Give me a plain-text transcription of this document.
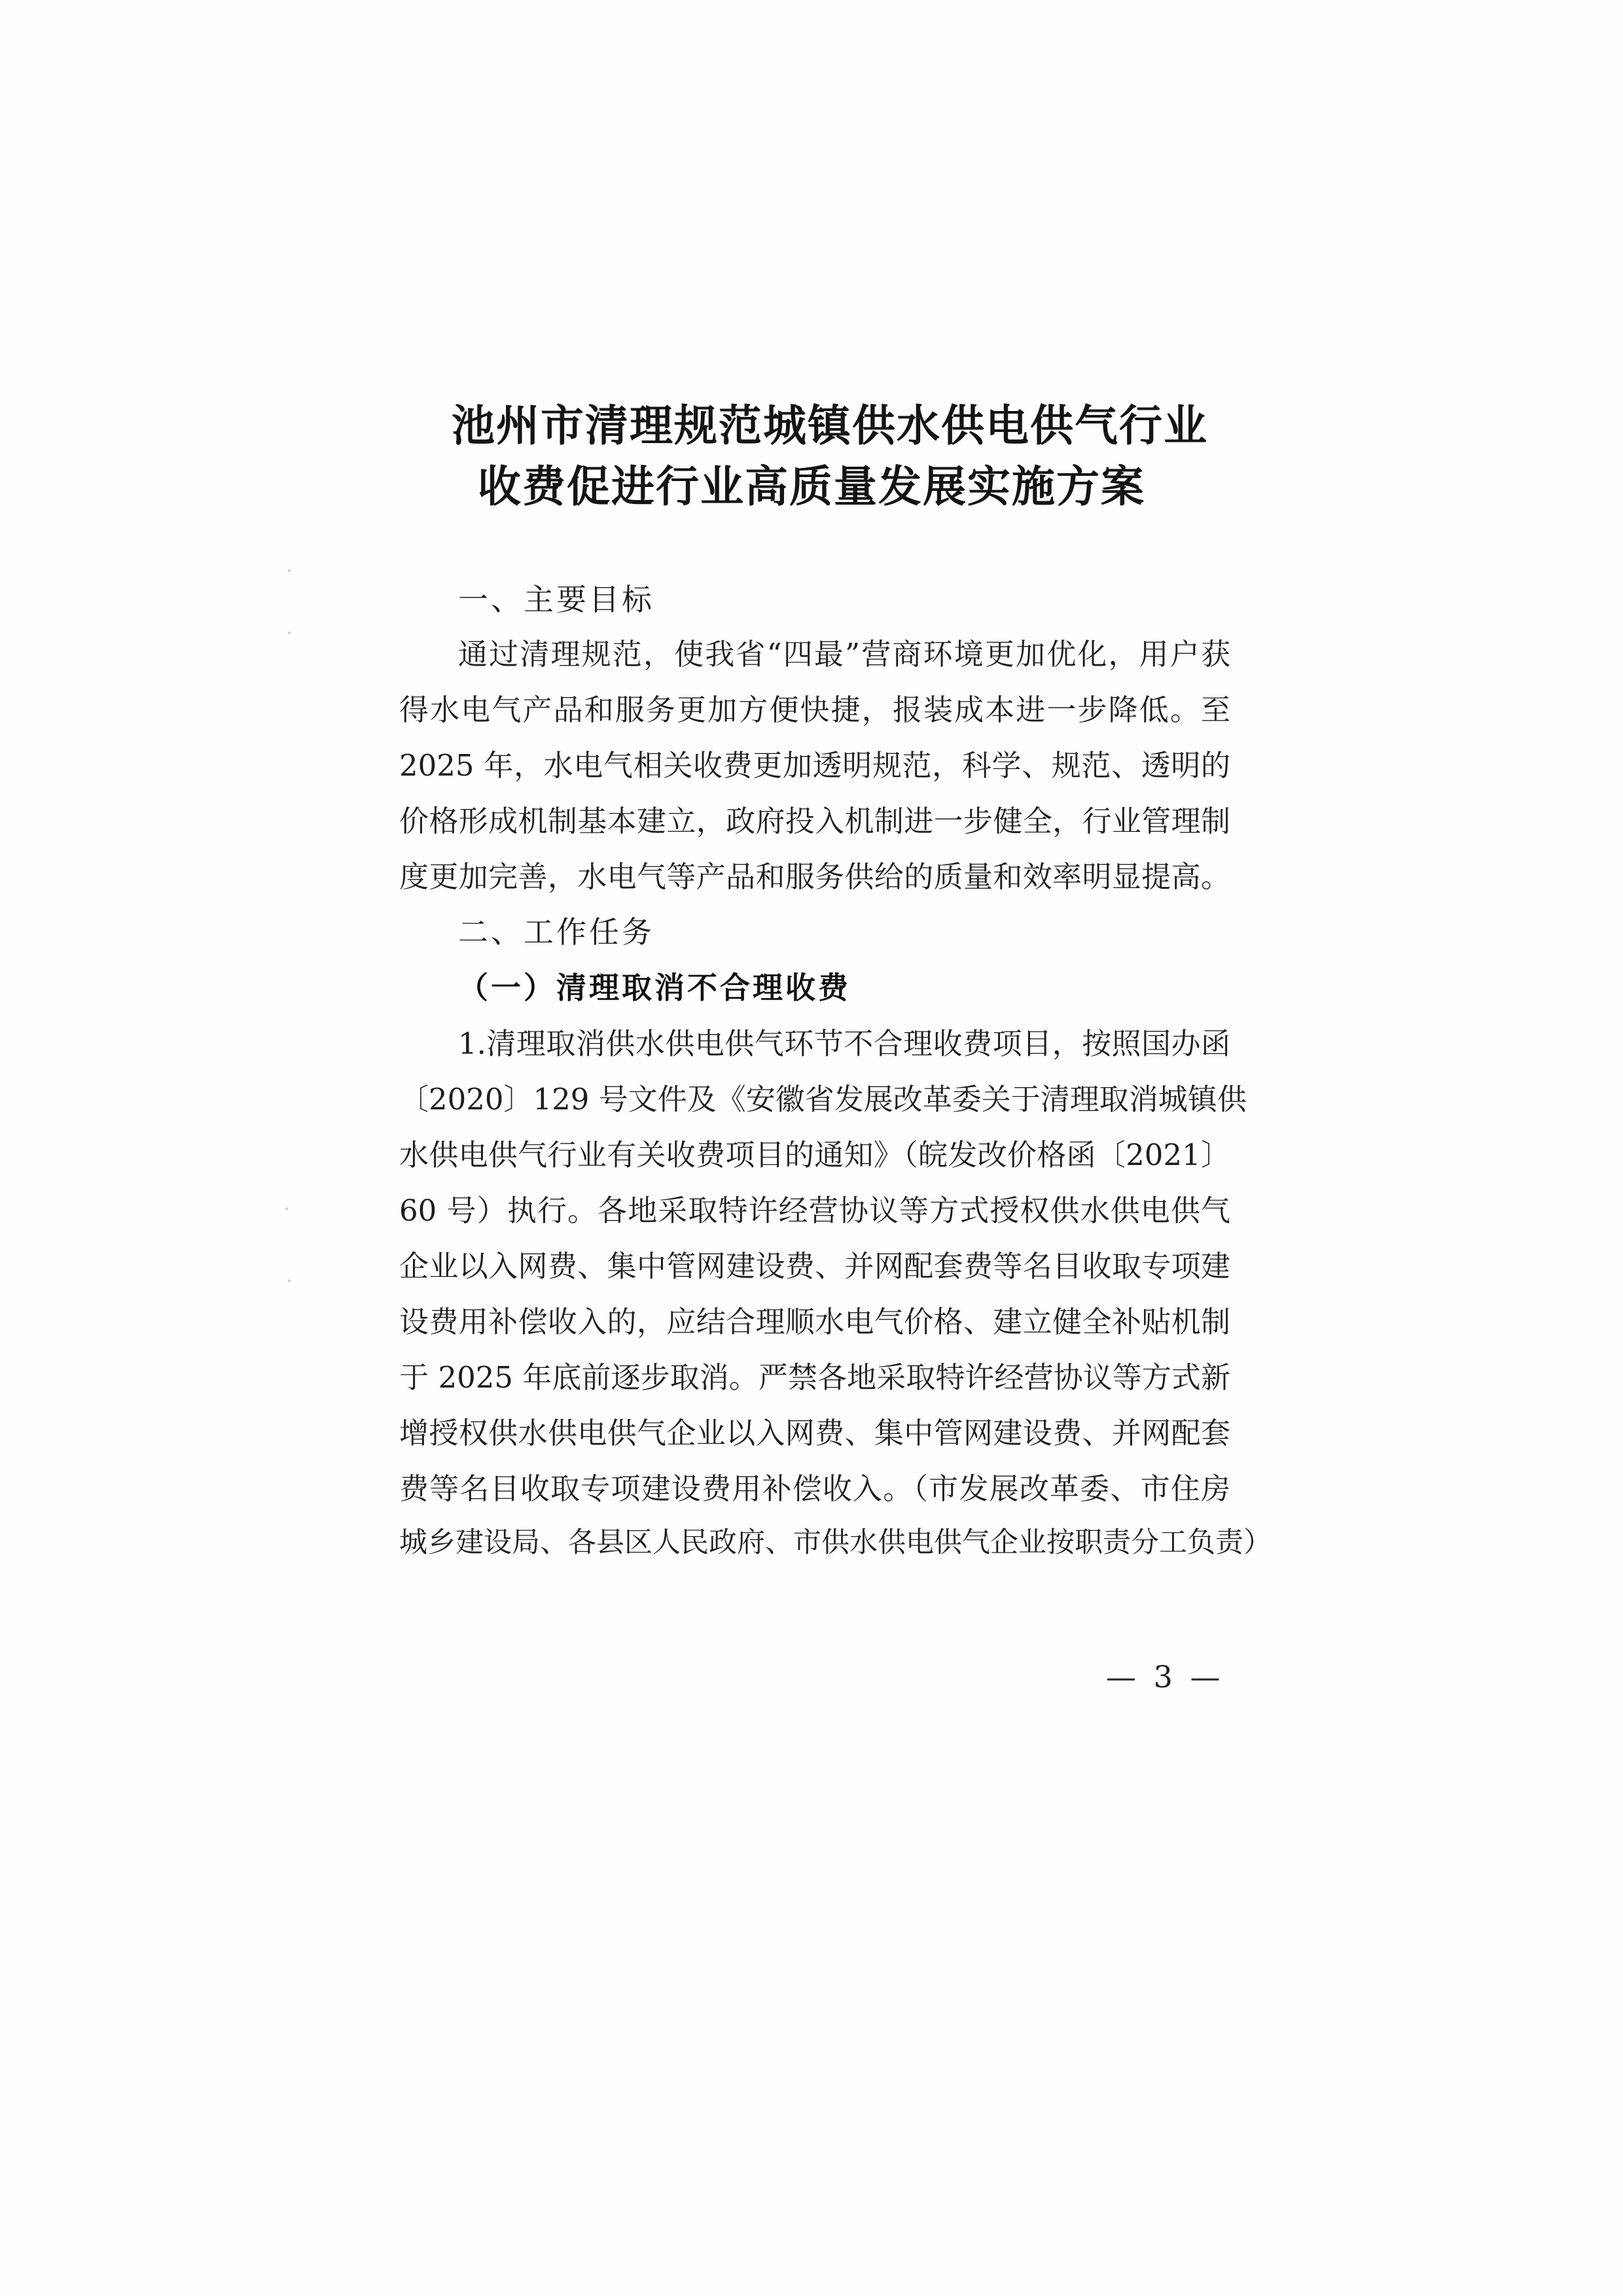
池州市清理规范城镇供水供电供气行业
收费促进行业高质量发展实施方案
一、主要目标
通过清理规范，使我省“四最”营商环境更加优化，用户获
得水电气产品和服务更加方便快捷，报装成本进一步降低。至
2025 年，水电气相关收费更加透明规范，科学、规范、透明的
价格形成机制基本建立，政府投入机制进一步健全，行业管理制
度更加完善，水电气等产品和服务供给的质量和效率明显提高。
二、工作任务
（一）清理取消不合理收费
1.清理取消供水供电供气环节不合理收费项目，按照国办函
〔2020〕129 号文件及《安徽省发展改革委关于清理取消城镇供
水供电供气行业有关收费项目的通知》（皖发改价格函〔2021〕
60 号）执行。各地采取特许经营协议等方式授权供水供电供气
企业以入网费、集中管网建设费、并网配套费等名目收取专项建
设费用补偿收入的，应结合理顺水电气价格、建立健全补贴机制
于 2025 年底前逐步取消。严禁各地采取特许经营协议等方式新
增授权供水供电供气企业以入网费、集中管网建设费、并网配套
费等名目收取专项建设费用补偿收入。（市发展改革委、市住房
城乡建设局、各县区人民政府、市供水供电供气企业按职责分工负责）
— 3 —
